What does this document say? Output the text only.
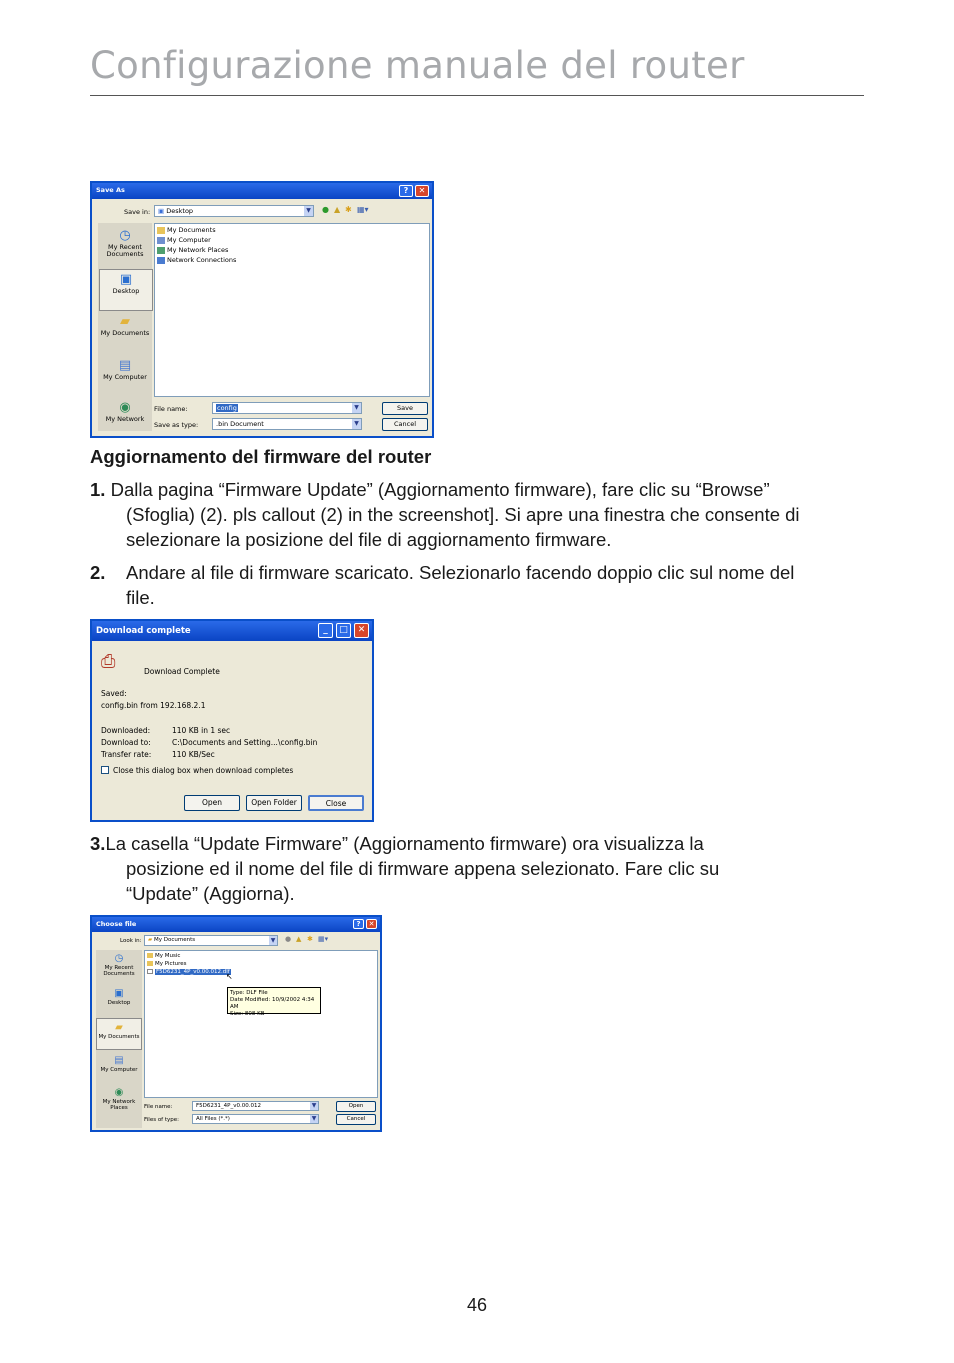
Configurazione manuale del router
Save As	?	✕
Save in:	▣ Desktop	▼ ● ▲ ✱ ▦▾
◷
My Recent Documents
▣
Desktop
▰
My Documents
▤
My Computer
◉
My Network
My Documents
My Computer
My Network Places
Network Connections
File name:	config	▼
Save as type:	.bin Document	▼
Save
Cancel
Aggiornamento del firmware del router
1. Dalla pagina “Firmware Update” (Aggiornamento firmware), fare clic su “Browse”
(Sfoglia) (2). pls callout (2) in the screenshot]. Si apre una finestra che consente di
selezionare la posizione del file di aggiornamento firmware.
2. Andare al file di firmware scaricato. Selezionarlo facendo doppio clic sul nome del
file.
Download complete	_	□	✕
⎙	Download Complete
Saved:
config.bin from 192.168.2.1
Downloaded:	110 KB in 1 sec
Download to:	C:\Documents and Setting...\config.bin
Transfer rate:	110 KB/Sec
Close this dialog box when download completes
Open	Open Folder	Close
3.La casella “Update Firmware” (Aggiornamento firmware) ora visualizza la
posizione ed il nome del file di firmware appena selezionato. Fare clic su
“Update” (Aggiorna).
Choose file	?	✕
Look in:	▰ My Documents	▼ ● ▲ ✱ ▦▾
◷
My Recent Documents
▣
Desktop
▰
My Documents
▤
My Computer
◉
My Network Places
My Music
My Pictures
F5D6231_4P_v0.00.012.dlf
↖
Type: DLF File
Date Modified: 10/9/2002 4:34 AM
Size: 808 KB
File name:	F5D6231_4P_v0.00.012	▼
Files of type:	All Files (*.*)	▼
Open
Cancel
46
